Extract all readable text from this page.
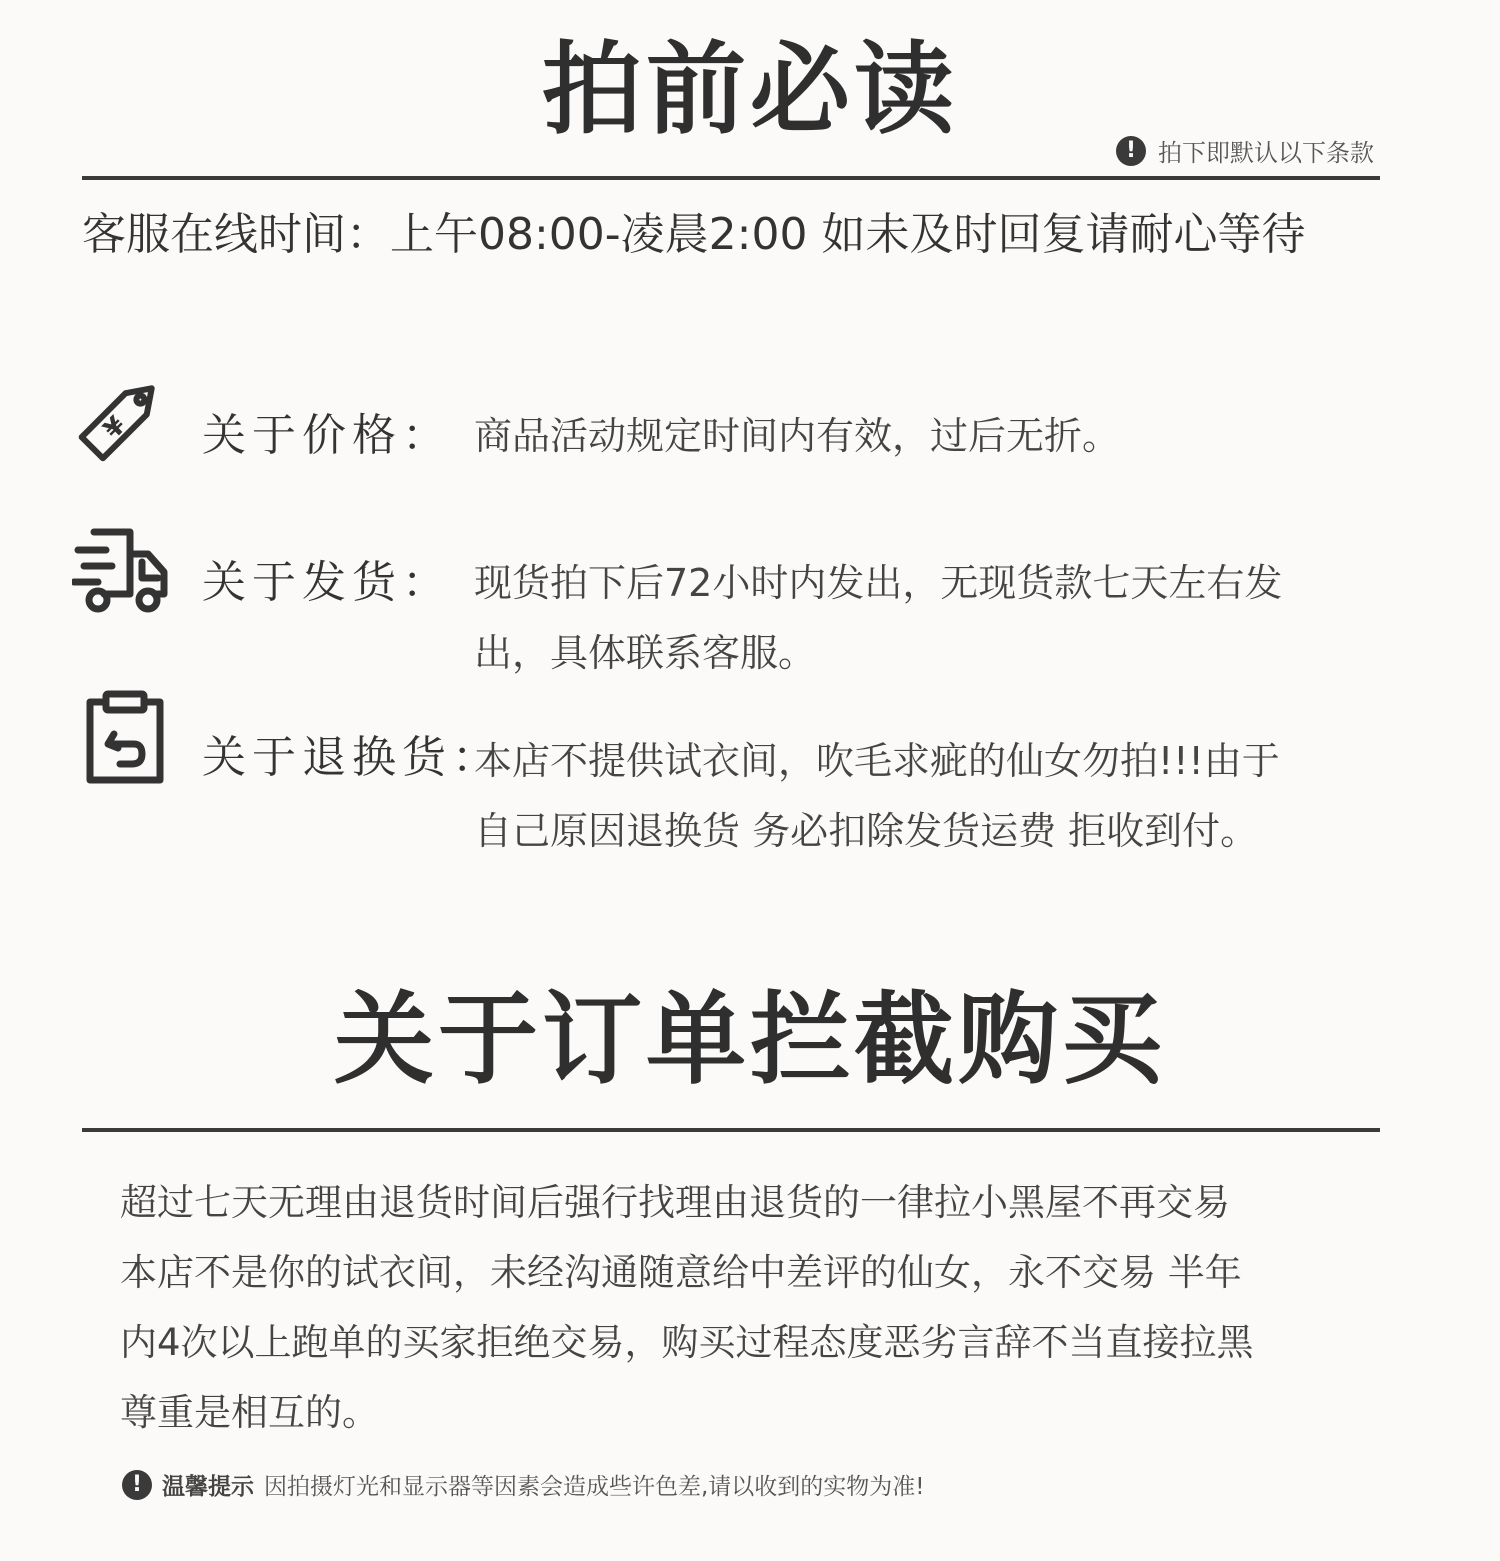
拍前必读
! 拍下即默认以下条款
客服在线时间：上午08:00-凌晨2:00 如未及时回复请耐心等待
¥ 关于价格： 商品活动规定时间内有效，过后无折。
关于发货： 现货拍下后72小时内发出，无现货款七天左右发
出，具体联系客服。
关于退换货：
本店不提供试衣间，吹毛求疵的仙女勿拍!!!由于
自己原因退换货 务必扣除发货运费 拒收到付。
关于订单拦截购买
超过七天无理由退货时间后强行找理由退货的一律拉小黑屋不再交易
本店不是你的试衣间，未经沟通随意给中差评的仙女，永不交易 半年
内4次以上跑单的买家拒绝交易，购买过程态度恶劣言辞不当直接拉黑
尊重是相互的。
! 温馨提示 因拍摄灯光和显示器等因素会造成些许色差,请以收到的实物为准!
